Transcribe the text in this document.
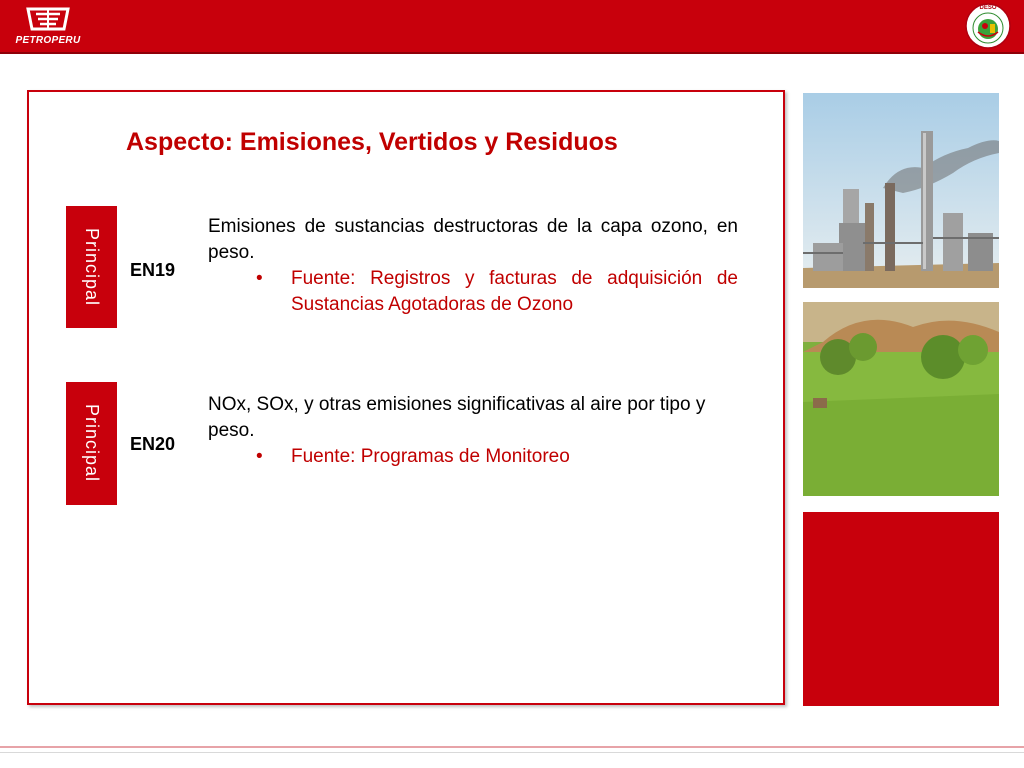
PETROPERU
DESO
Aspecto: Emisiones, Vertidos y Residuos
Principal EN19
Emisiones de sustancias destructoras de la capa ozono, en peso.
• Fuente: Registros y facturas de adquisición de Sustancias Agotadoras de Ozono
Principal EN20
NOx, SOx, y otras emisiones significativas al aire por tipo y peso.
• Fuente: Programas de Monitoreo
